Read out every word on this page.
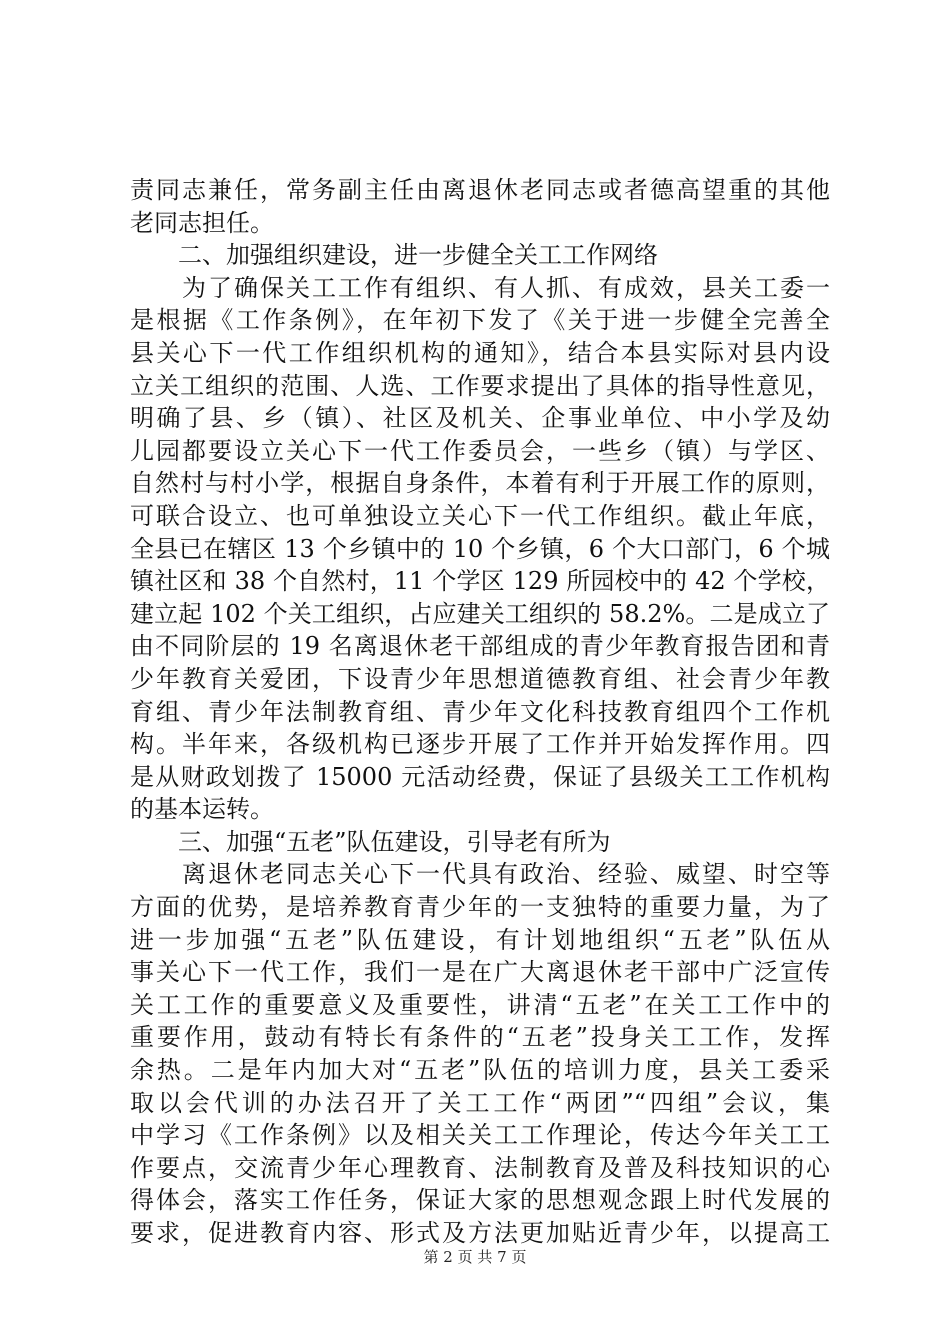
责同志兼任，常务副主任由离退休老同志或者德高望重的其他
老同志担任。
　　二、加强组织建设，进一步健全关工工作网络
　　为了确保关工工作有组织、有人抓、有成效，县关工委一
是根据《工作条例》，在年初下发了《关于进一步健全完善全
县关心下一代工作组织机构的通知》，结合本县实际对县内设
立关工组织的范围、人选、工作要求提出了具体的指导性意见，
明确了县、乡（镇）、社区及机关、企事业单位、中小学及幼
儿园都要设立关心下一代工作委员会，一些乡（镇）与学区、
自然村与村小学，根据自身条件，本着有利于开展工作的原则，
可联合设立、也可单独设立关心下一代工作组织。截止年底，
全县已在辖区 13 个乡镇中的 10 个乡镇，6 个大口部门，6 个城
镇社区和 38 个自然村，11 个学区 129 所园校中的 42 个学校，
建立起 102 个关工组织，占应建关工组织的 58.2%。二是成立了
由不同阶层的 19 名离退休老干部组成的青少年教育报告团和青
少年教育关爱团，下设青少年思想道德教育组、社会青少年教
育组、青少年法制教育组、青少年文化科技教育组四个工作机
构。半年来，各级机构已逐步开展了工作并开始发挥作用。四
是从财政划拨了 15000 元活动经费，保证了县级关工工作机构
的基本运转。
　　三、加强“五老”队伍建设，引导老有所为
　　离退休老同志关心下一代具有政治、经验、威望、时空等
方面的优势，是培养教育青少年的一支独特的重要力量，为了
进一步加强“五老”队伍建设，有计划地组织“五老”队伍从
事关心下一代工作，我们一是在广大离退休老干部中广泛宣传
关工工作的重要意义及重要性，讲清“五老”在关工工作中的
重要作用，鼓动有特长有条件的“五老”投身关工工作，发挥
余热。二是年内加大对“五老”队伍的培训力度，县关工委采
取以会代训的办法召开了关工工作“两团”“四组”会议，集
中学习《工作条例》以及相关关工工作理论，传达今年关工工
作要点，交流青少年心理教育、法制教育及普及科技知识的心
得体会，落实工作任务，保证大家的思想观念跟上时代发展的
要求，促进教育内容、形式及方法更加贴近青少年，以提高工
第 2 页 共 7 页
